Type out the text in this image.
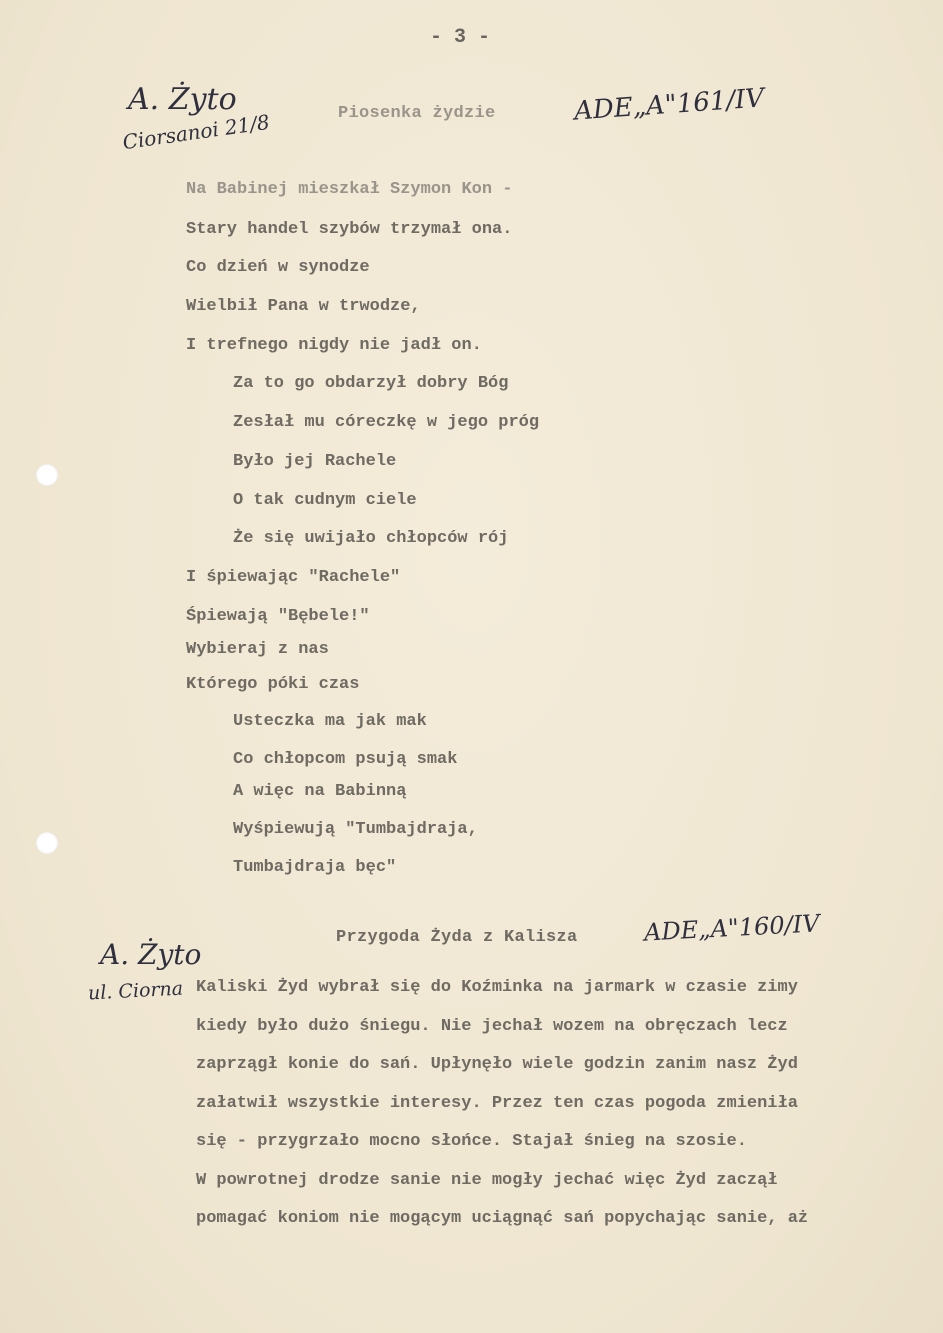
- 3 -
A. Żyto
Ciorsanoi 21/8	Piosenka żydzie	ADE„A"161/IV
Na Babinej mieszkał Szymon Kon -
Stary handel szybów trzymał ona.
Co dzień w synodze
Wielbił Pana w trwodze,
I trefnego nigdy nie jadł on.
Za to go obdarzył dobry Bóg
Zesłał mu córeczkę w jego próg
Było jej Rachele
O tak cudnym ciele
Że się uwijało chłopców rój
I śpiewając "Rachele"
Śpiewają "Bębele!"
Wybieraj z nas
Którego póki czas
Usteczka ma jak mak
Co chłopcom psują smak
A więc na Babinną
Wyśpiewują "Tumbajdraja,
Tumbajdraja bęc"
Przygoda Żyda z Kalisza	ADE„A"160/IV
A. Żyto
ul. Ciorna Kaliski Żyd wybrał się do Koźminka na jarmark w czasie zimy
kiedy było dużo śniegu. Nie jechał wozem na obręczach lecz
zaprzągł konie do sań. Upłynęło wiele godzin zanim nasz Żyd
załatwił wszystkie interesy. Przez ten czas pogoda zmieniła
się - przygrzało mocno słońce. Stajał śnieg na szosie.
W powrotnej drodze sanie nie mogły jechać więc Żyd zaczął
pomagać koniom nie mogącym uciągnąć sań popychając sanie, aż
